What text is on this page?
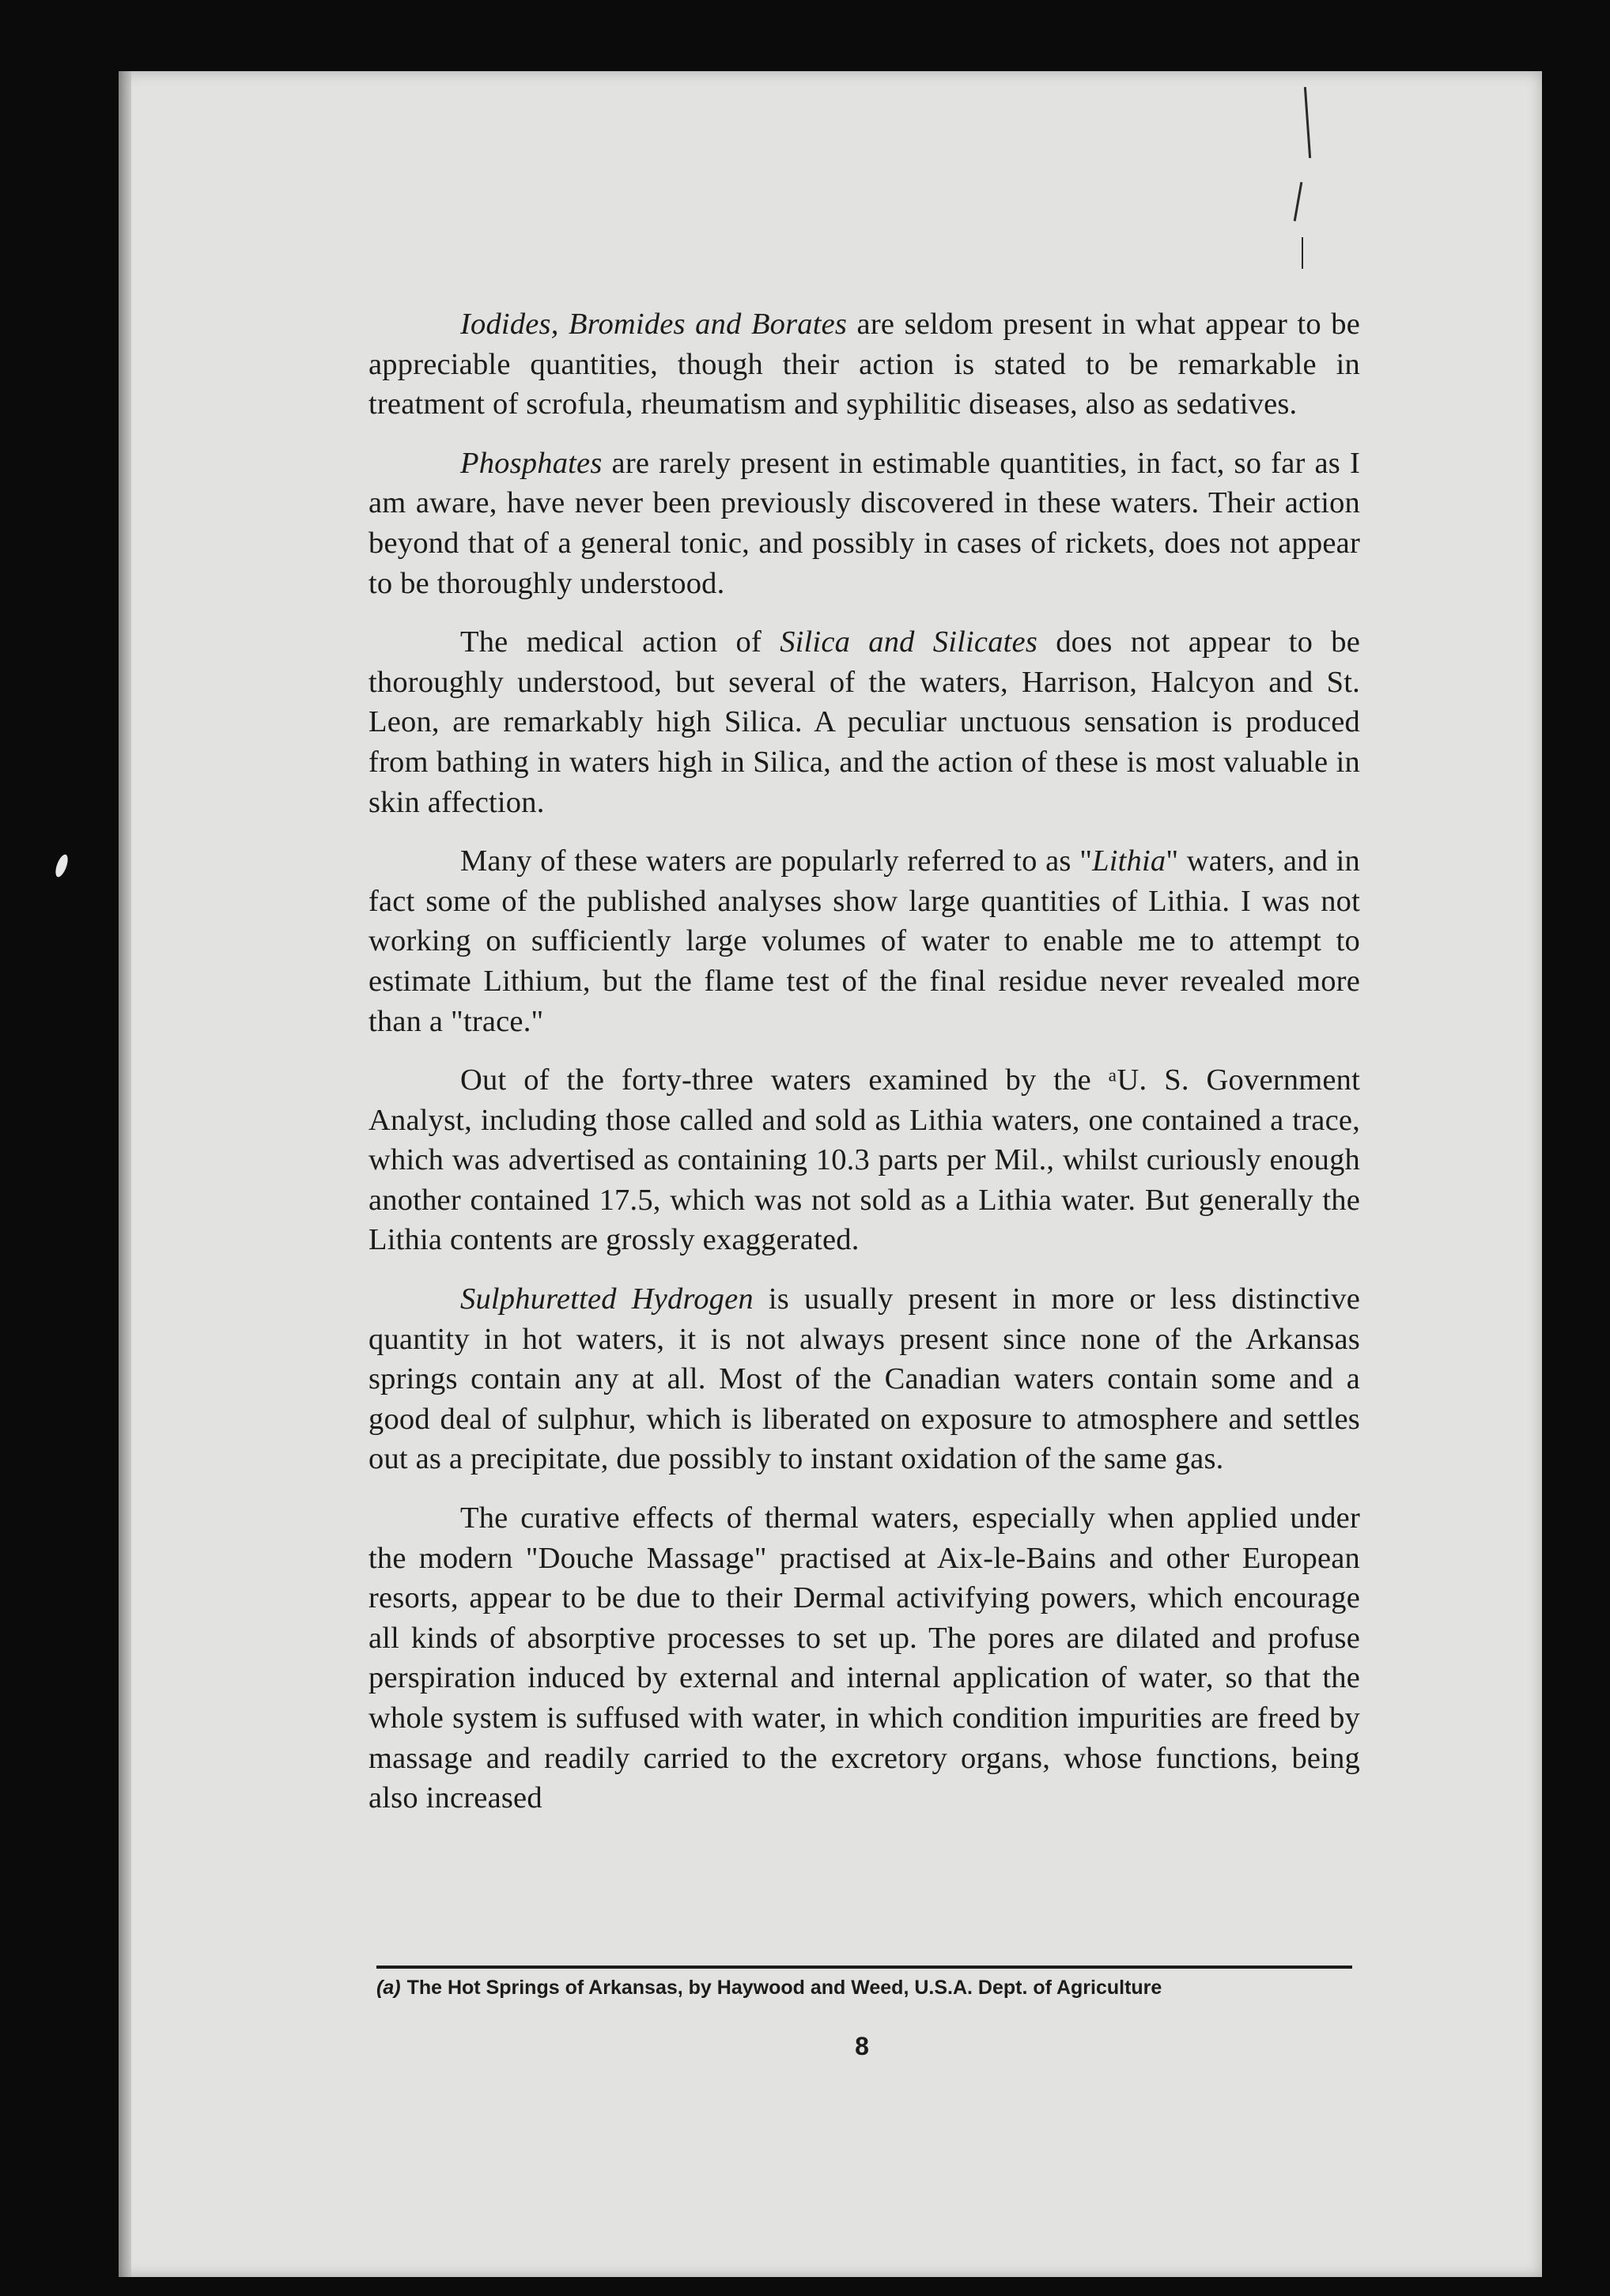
Iodides, Bromides and Borates are seldom present in what appear to be appreciable quantities, though their action is stated to be remarkable in treatment of scrofula, rheumatism and syphilitic diseases, also as sedatives.

Phosphates are rarely present in estimable quantities, in fact, so far as I am aware, have never been previously discovered in these waters. Their action beyond that of a general tonic, and possibly in cases of rickets, does not appear to be thoroughly understood.

The medical action of Silica and Silicates does not appear to be thoroughly understood, but several of the waters, Harrison, Halcyon and St. Leon, are remarkably high Silica. A peculiar unctuous sensation is produced from bathing in waters high in Silica, and the action of these is most valuable in skin affection.

Many of these waters are popularly referred to as "Lithia" waters, and in fact some of the published analyses show large quantities of Lithia. I was not working on sufficiently large volumes of water to enable me to attempt to estimate Lithium, but the flame test of the final residue never revealed more than a "trace."

Out of the forty-three waters examined by the ᵃU. S. Government Analyst, including those called and sold as Lithia waters, one contained a trace, which was advertised as containing 10.3 parts per Mil., whilst curiously enough another contained 17.5, which was not sold as a Lithia water. But generally the Lithia contents are grossly exaggerated.

Sulphuretted Hydrogen is usually present in more or less distinctive quantity in hot waters, it is not always present since none of the Arkansas springs contain any at all. Most of the Canadian waters contain some and a good deal of sulphur, which is liberated on exposure to atmosphere and settles out as a precipitate, due possibly to instant oxidation of the same gas.

The curative effects of thermal waters, especially when applied under the modern "Douche Massage" practised at Aix-le-Bains and other European resorts, appear to be due to their Dermal activifying powers, which encourage all kinds of absorptive processes to set up. The pores are dilated and profuse perspiration induced by external and internal application of water, so that the whole system is suffused with water, in which condition impurities are freed by massage and readily carried to the excretory organs, whose functions, being also increased

(a) The Hot Springs of Arkansas, by Haywood and Weed, U.S.A. Dept. of Agriculture
8
